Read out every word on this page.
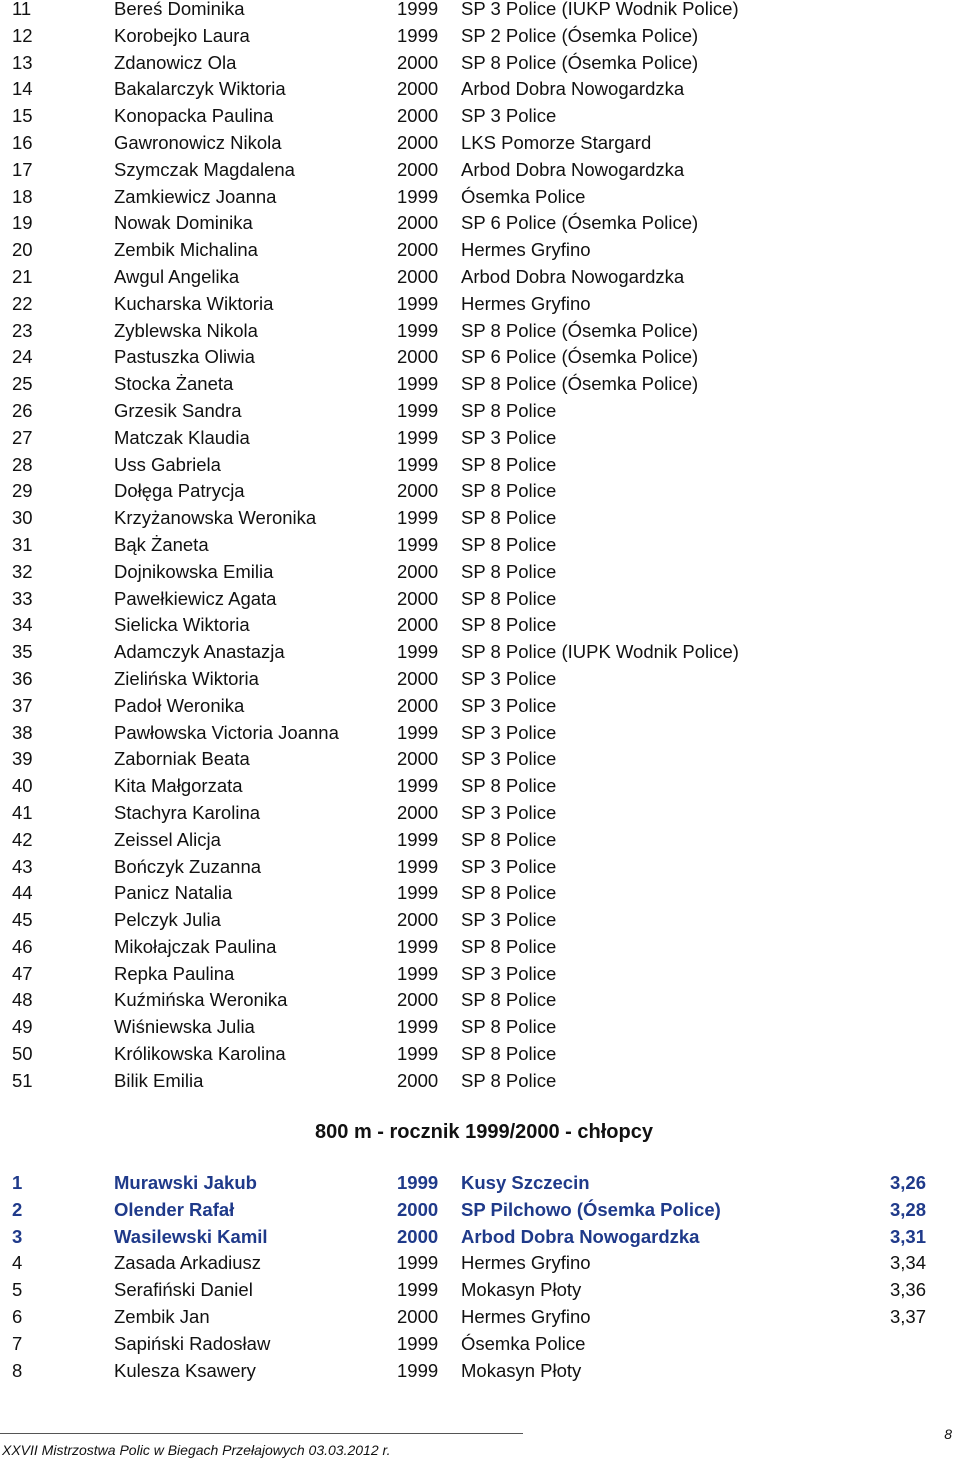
11	Bereś Dominika	1999 SP 3 Police (IUKP Wodnik Police)
12	Korobejko Laura	1999 SP 2 Police (Ósemka Police)
13	Zdanowicz Ola	2000 SP 8 Police (Ósemka Police)
14	Bakalarczyk Wiktoria	2000 Arbod Dobra Nowogardzka
15	Konopacka Paulina	2000 SP 3 Police
16	Gawronowicz Nikola	2000 LKS Pomorze Stargard
17	Szymczak Magdalena	2000 Arbod Dobra Nowogardzka
18	Zamkiewicz Joanna	1999 Ósemka Police
19	Nowak Dominika	2000 SP 6 Police (Ósemka Police)
20	Zembik Michalina	2000 Hermes Gryfino
21	Awgul Angelika	2000 Arbod Dobra Nowogardzka
22	Kucharska Wiktoria	1999 Hermes Gryfino
23	Zyblewska Nikola	1999 SP 8 Police (Ósemka Police)
24	Pastuszka Oliwia	2000 SP 6 Police (Ósemka Police)
25	Stocka Żaneta	1999 SP 8 Police (Ósemka Police)
26	Grzesik Sandra	1999 SP 8 Police
27	Matczak Klaudia	1999 SP 3 Police
28	Uss Gabriela	1999 SP 8 Police
29	Dołęga Patrycja	2000 SP 8 Police
30	Krzyżanowska Weronika	1999 SP 8 Police
31	Bąk Żaneta	1999 SP 8 Police
32	Dojnikowska Emilia	2000 SP 8 Police
33	Pawełkiewicz Agata	2000 SP 8 Police
34	Sielicka Wiktoria	2000 SP 8 Police
35	Adamczyk Anastazja	1999 SP 8 Police (IUPK Wodnik Police)
36	Zielińska Wiktoria	2000 SP 3 Police
37	Padoł Weronika	2000 SP 3 Police
38	Pawłowska Victoria Joanna	1999 SP 3 Police
39	Zaborniak Beata	2000 SP 3 Police
40	Kita Małgorzata	1999 SP 8 Police
41	Stachyra Karolina	2000 SP 3 Police
42	Zeissel Alicja	1999 SP 8 Police
43	Bończyk Zuzanna	1999 SP 3 Police
44	Panicz Natalia	1999 SP 8 Police
45	Pelczyk Julia	2000 SP 3 Police
46	Mikołajczak Paulina	1999 SP 8 Police
47	Repka Paulina	1999 SP 3 Police
48	Kuźmińska Weronika	2000 SP 8 Police
49	Wiśniewska Julia	1999 SP 8 Police
50	Królikowska Karolina	1999 SP 8 Police
51	Bilik Emilia	2000 SP 8 Police
800 m - rocznik 1999/2000 - chłopcy
1	Murawski Jakub	1999 Kusy Szczecin	3,26
2	Olender Rafał	2000 SP Pilchowo (Ósemka Police)	3,28
3	Wasilewski Kamil	2000 Arbod Dobra Nowogardzka	3,31
4	Zasada Arkadiusz	1999 Hermes Gryfino	3,34
5	Serafiński Daniel	1999 Mokasyn Płoty	3,36
6	Zembik Jan	2000 Hermes Gryfino	3,37
7	Sapiński Radosław	1999 Ósemka Police
8	Kulesza Ksawery	1999 Mokasyn Płoty
XXVII Mistrzostwa Polic w Biegach Przełajowych 03.03.2012 r.
8
